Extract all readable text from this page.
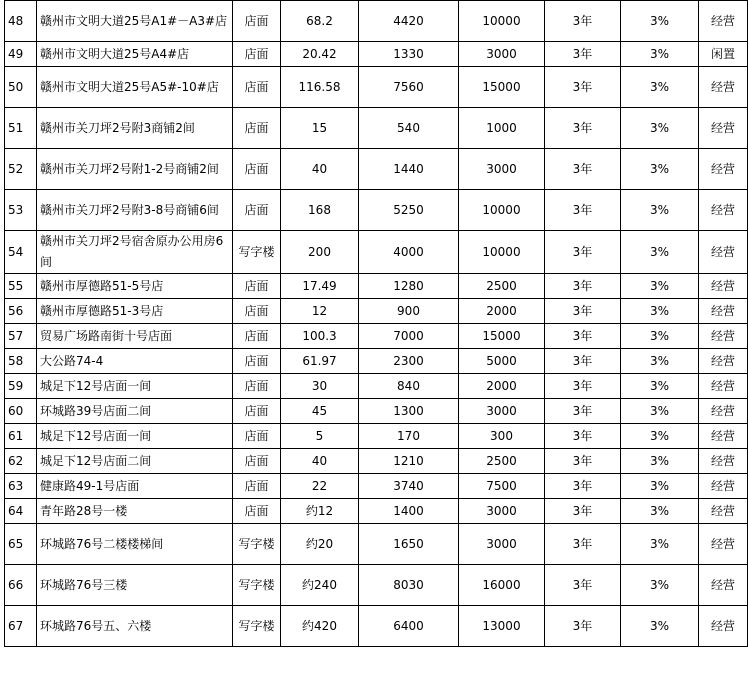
48	赣州市文明大道25号A1#－A3#店	店面	68.2	4420	10000	3年	3%	经营
49	赣州市文明大道25号A4#店	店面	20.42	1330	3000	3年	3%	闲置
50	赣州市文明大道25号A5#-10#店	店面	116.58	7560	15000	3年	3%	经营
51	赣州市关刀坪2号附3商铺2间	店面	15	540	1000	3年	3%	经营
52	赣州市关刀坪2号附1-2号商铺2间	店面	40	1440	3000	3年	3%	经营
53	赣州市关刀坪2号附3-8号商铺6间	店面	168	5250	10000	3年	3%	经营
54	赣州市关刀坪2号宿舍原办公用房6间	写字楼	200	4000	10000	3年	3%	经营
55	赣州市厚德路51-5号店	店面	17.49	1280	2500	3年	3%	经营
56	赣州市厚德路51-3号店	店面	12	900	2000	3年	3%	经营
57	贸易广场路南街十号店面	店面	100.3	7000	15000	3年	3%	经营
58	大公路74-4	店面	61.97	2300	5000	3年	3%	经营
59	城足下12号店面一间	店面	30	840	2000	3年	3%	经营
60	环城路39号店面二间	店面	45	1300	3000	3年	3%	经营
61	城足下12号店面一间	店面	5	170	300	3年	3%	经营
62	城足下12号店面二间	店面	40	1210	2500	3年	3%	经营
63	健康路49-1号店面	店面	22	3740	7500	3年	3%	经营
64	青年路28号一楼	店面	约12	1400	3000	3年	3%	经营
65	环城路76号二楼楼梯间	写字楼	约20	1650	3000	3年	3%	经营
66	环城路76号三楼	写字楼	约240	8030	16000	3年	3%	经营
67	环城路76号五、六楼	写字楼	约420	6400	13000	3年	3%	经营
